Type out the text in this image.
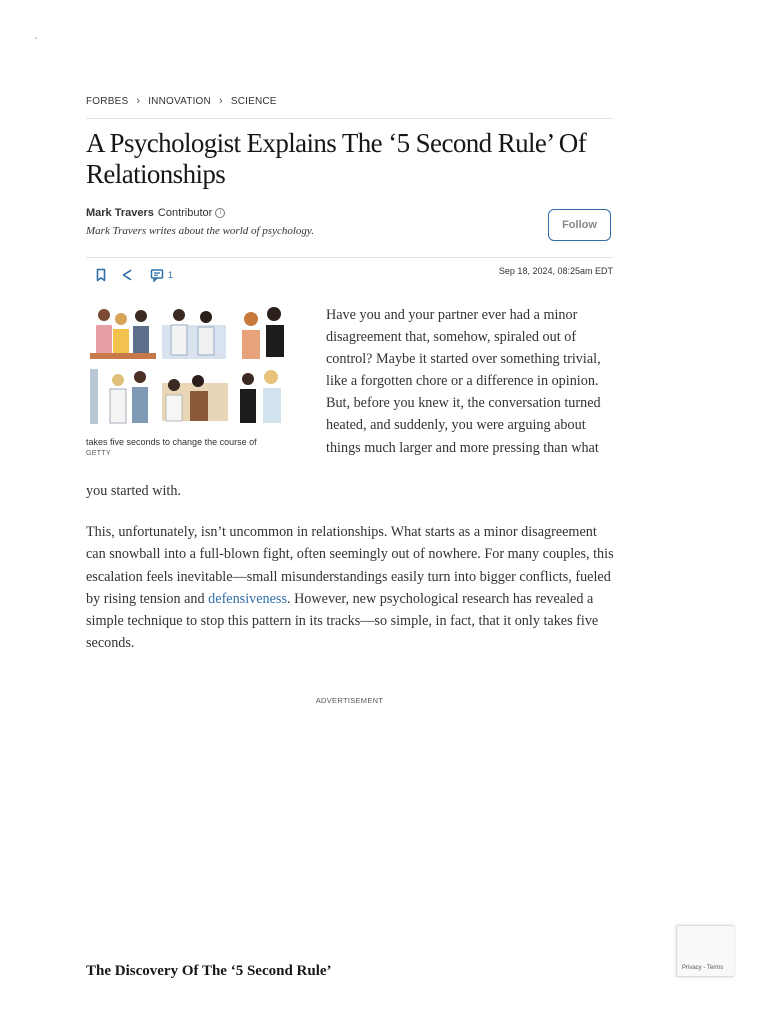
FORBES › INNOVATION › SCIENCE
A Psychologist Explains The ‘5 Second Rule’ Of Relationships
Mark Travers Contributor	i
Mark Travers writes about the world of psychology.	Follow
1	Sep 18, 2024, 08:25am EDT
takes five seconds to change the course of
GETTY

Have you and your partner ever had a minor disagreement that, somehow, spiraled out of control? Maybe it started over something trivial, like a forgotten chore or a difference in opinion. But, before you knew it, the conversation turned heated, and suddenly, you were arguing about things much larger and more pressing than what

you started with.

This, unfortunately, isn’t uncommon in relationships. What starts as a minor disagreement can snowball into a full-blown fight, often seemingly out of nowhere. For many couples, this escalation feels inevitable—small misunderstandings easily turn into bigger conflicts, fueled by rising tension and defensiveness. However, new psychological research has revealed a simple technique to stop this pattern in its tracks—so simple, in fact, that it only takes five seconds.

ADVERTISEMENT
The Discovery Of The ‘5 Second Rule’	Privacy - Terms
